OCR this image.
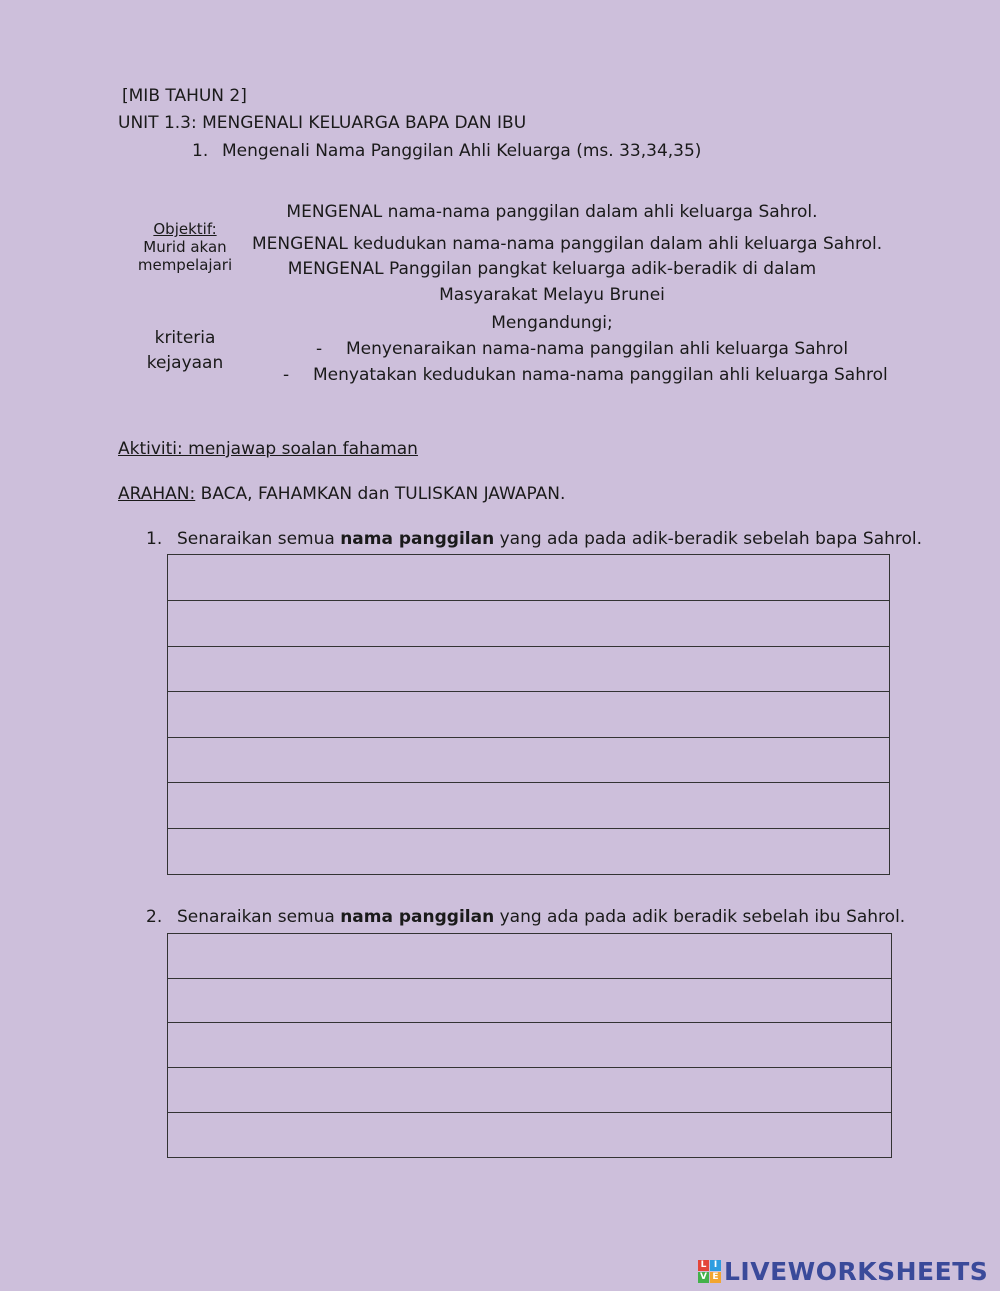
[MIB TAHUN 2]
UNIT 1.3: MENGENALI KELUARGA BAPA DAN IBU
1. Mengenali Nama Panggilan Ahli Keluarga (ms. 33,34,35)
Objektif:
Murid akan
mempelajari
MENGENAL nama-nama panggilan dalam ahli keluarga Sahrol.
MENGENAL kedudukan nama-nama panggilan dalam ahli keluarga Sahrol.
MENGENAL Panggilan pangkat keluarga adik-beradik di dalam
Masyarakat Melayu Brunei
kriteria
kejayaan
Mengandungi;
- Menyenaraikan nama-nama panggilan ahli keluarga Sahrol
- Menyatakan kedudukan nama-nama panggilan ahli keluarga Sahrol
Aktiviti: menjawap soalan fahaman
ARAHAN: BACA, FAHAMKAN dan TULISKAN JAWAPAN.
1. Senaraikan semua nama panggilan yang ada pada adik-beradik sebelah bapa Sahrol.
2. Senaraikan semua nama panggilan yang ada pada adik beradik sebelah ibu Sahrol.
L I
V E LIVEWORKSHEETS
